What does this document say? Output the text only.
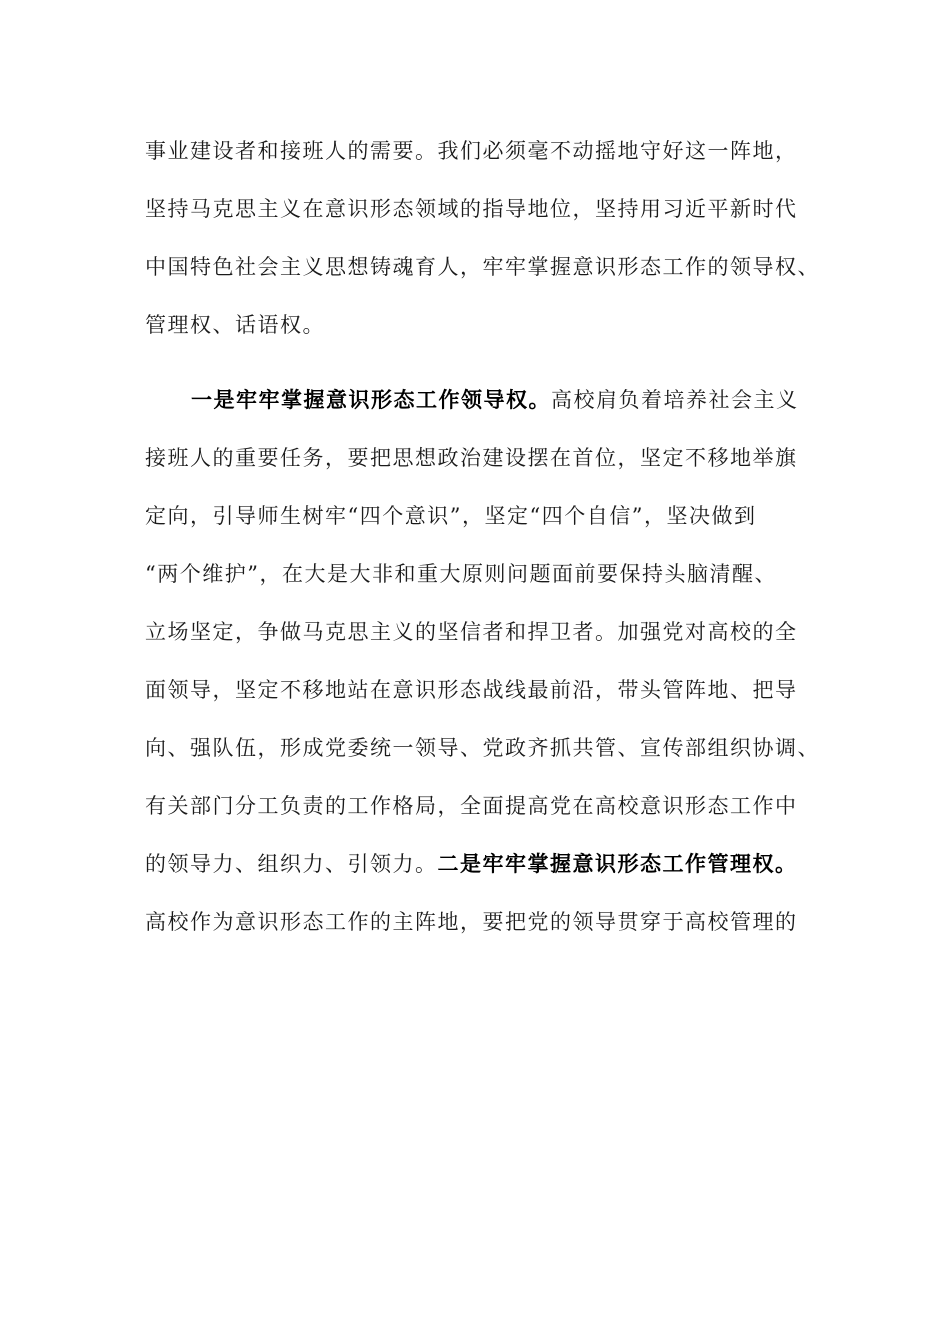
事业建设者和接班人的需要。我们必须毫不动摇地守好这一阵地，
坚持马克思主义在意识形态领域的指导地位，坚持用习近平新时代
中国特色社会主义思想铸魂育人，牢牢掌握意识形态工作的领导权、
管理权、话语权。
一是牢牢掌握意识形态工作领导权。高校肩负着培养社会主义
接班人的重要任务，要把思想政治建设摆在首位，坚定不移地举旗
定向，引导师生树牢“四个意识”，坚定“四个自信”，坚决做到
“两个维护”，在大是大非和重大原则问题面前要保持头脑清醒、
立场坚定，争做马克思主义的坚信者和捍卫者。加强党对高校的全
面领导，坚定不移地站在意识形态战线最前沿，带头管阵地、把导
向、强队伍，形成党委统一领导、党政齐抓共管、宣传部组织协调、
有关部门分工负责的工作格局，全面提高党在高校意识形态工作中
的领导力、组织力、引领力。二是牢牢掌握意识形态工作管理权。
高校作为意识形态工作的主阵地，要把党的领导贯穿于高校管理的
